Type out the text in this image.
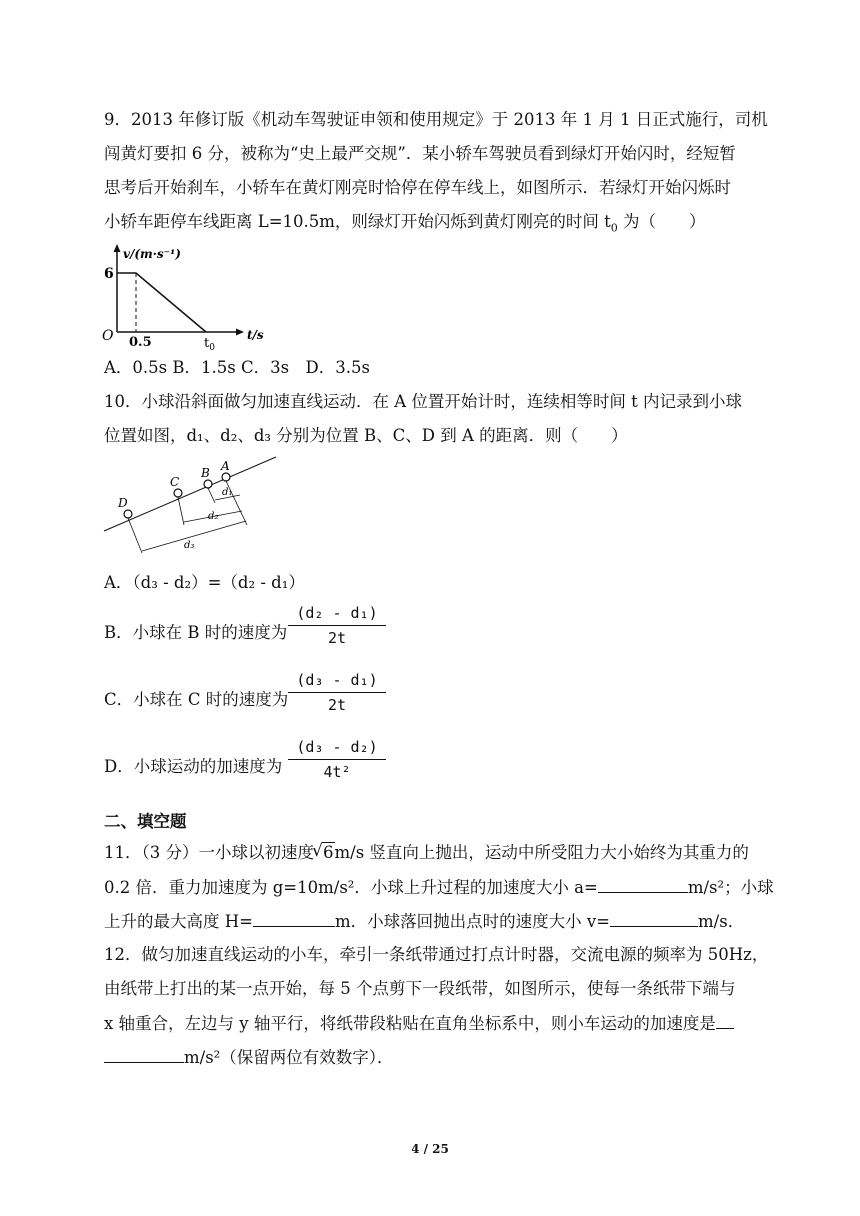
9．2013 年修订版《机动车驾驶证申领和使用规定》于 2013 年 1 月 1 日正式施行，司机
闯黄灯要扣 6 分，被称为“史上最严交规”．某小轿车驾驶员看到绿灯开始闪时，经短暂
思考后开始刹车，小轿车在黄灯刚亮时恰停在停车线上，如图所示．若绿灯开始闪烁时
小轿车距停车线距离 L=10.5m，则绿灯开始闪烁到黄灯刚亮的时间 $t_0$ 为（　　）
v/(m·s⁻¹)
t/s
O
6
0.5	$t_0$
A．0.5s B．1.5s C．3s　D．3.5s
10．小球沿斜面做匀加速直线运动．在 A 位置开始计时，连续相等时间 t 内记录到小球
位置如图，d₁、d₂、d₃ 分别为位置 B、C、D 到 A 的距离．则（　　）
D
C
B A
d₁
d₂
d₃
A．（d₃ - d₂）=（d₂ - d₁）
B．小球在 B 时的速度为 $\frac{\text{(d₂ - d₁)}}{2t}$
C．小球在 C 时的速度为 $\frac{\text{(d₃ - d₁)}}{2t}$
D．小球运动的加速度为 $\frac{\text{(d₃ - d₂)}}{\text{4t²}}$
二、填空题
11．（3 分）一小球以初速度√ 6m/s 竖直向上抛出，运动中所受阻力大小始终为其重力的
0.2 倍．重力加速度为 g=10m/s²．小球上升过程的加速度大小 a=	m/s²；小球
上升的最大高度 H=	m．小球落回抛出点时的速度大小 v=	m/s．
12．做匀加速直线运动的小车，牵引一条纸带通过打点计时器，交流电源的频率为 50Hz，
由纸带上打出的某一点开始，每 5 个点剪下一段纸带，如图所示，使每一条纸带下端与
x 轴重合，左边与 y 轴平行，将纸带段粘贴在直角坐标系中，则小车运动的加速度是
m/s²（保留两位有效数字）．
4 / 25
